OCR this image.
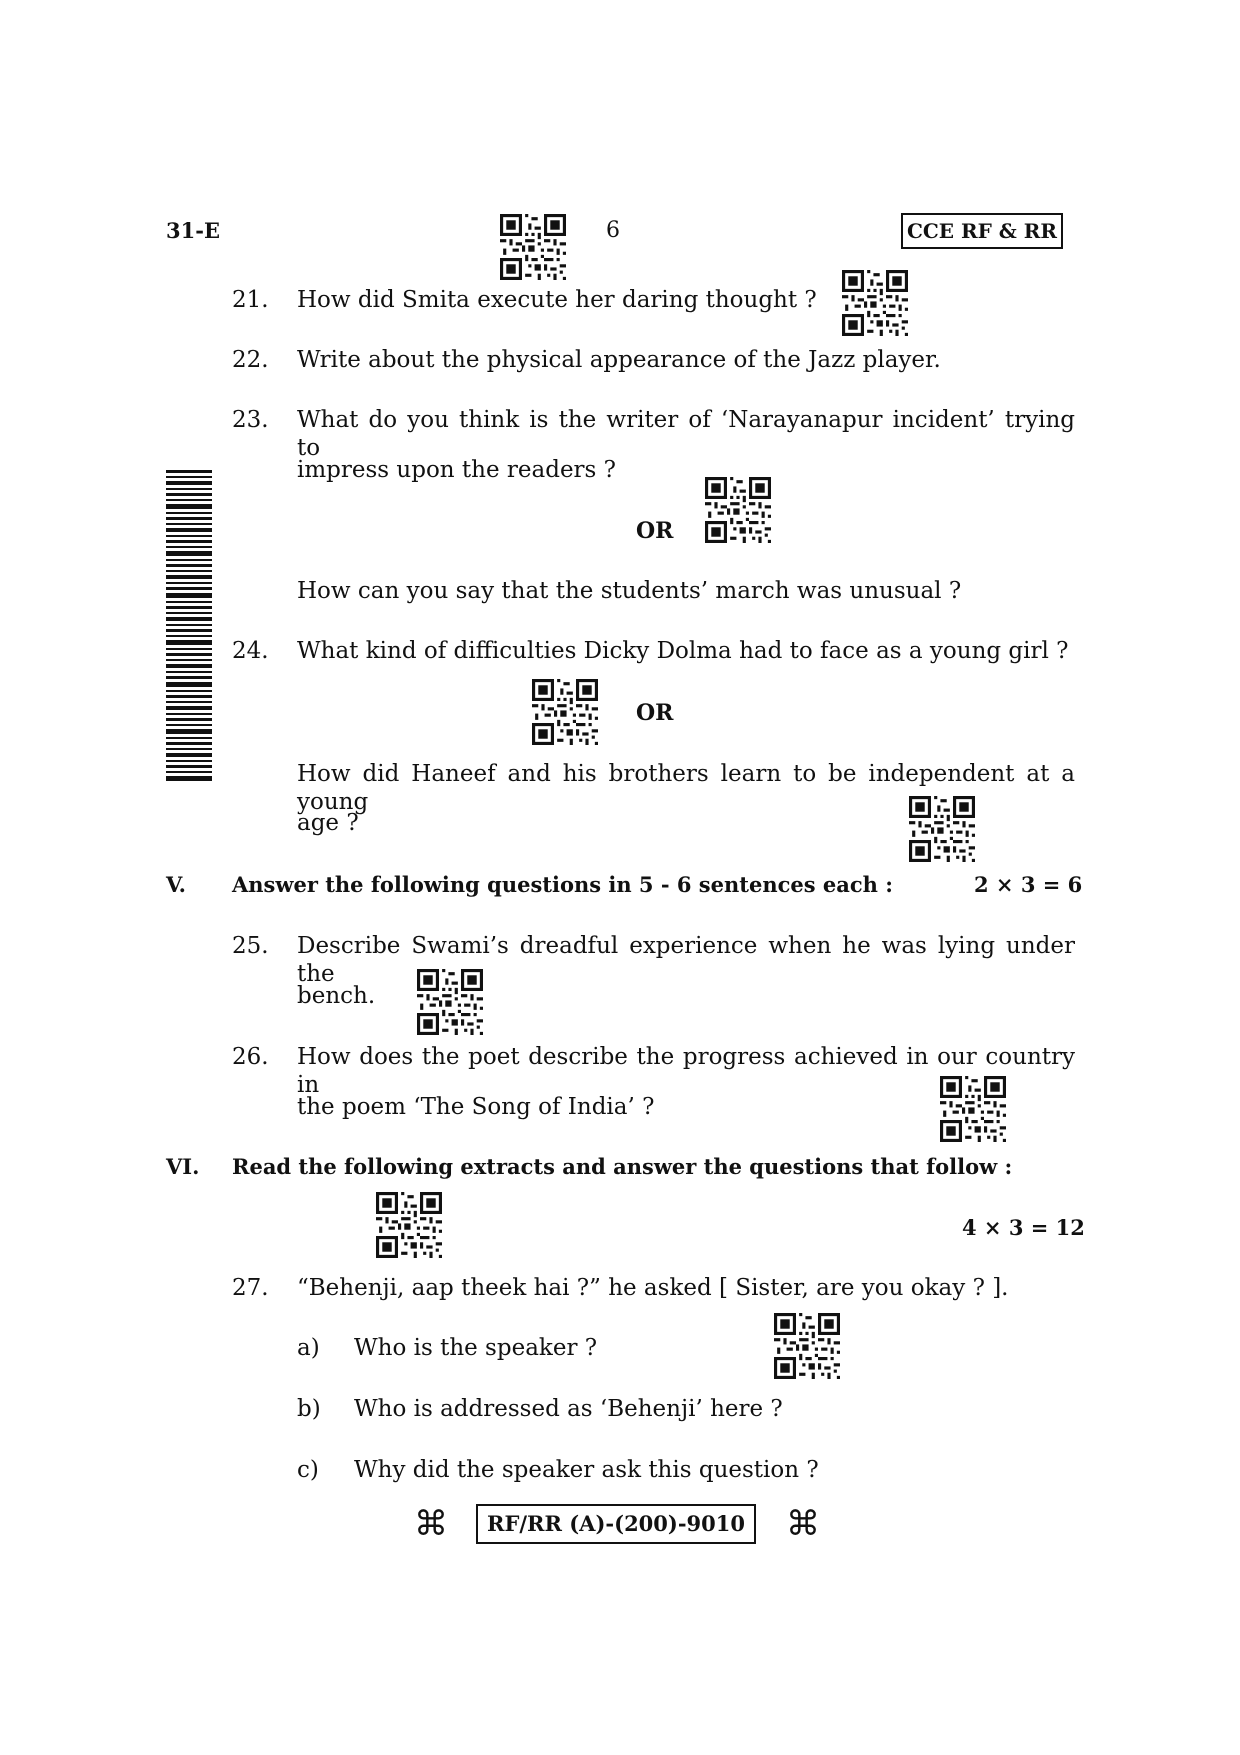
31-E	6	CCE RF & RR
21. How did Smita execute her daring thought ?
22. Write about the physical appearance of the Jazz player.
23. What do you think is the writer of ‘Narayanapur incident’ trying to
impress upon the readers ?
OR
How can you say that the students’ march was unusual ?
24. What kind of difficulties Dicky Dolma had to face as a young girl ?
OR
How did Haneef and his brothers learn to be independent at a young
age ?
V. Answer the following questions in 5 - 6 sentences each :	2 × 3 = 6
25. Describe Swami’s dreadful experience when he was lying under the
bench.
26. How does the poet describe the progress achieved in our country in
the poem ‘The Song of India’ ?
VI. Read the following extracts and answer the questions that follow :
4 × 3 = 12
27. “Behenji, aap theek hai ?” he asked [ Sister, are you okay ? ].
a) Who is the speaker ?
b) Who is addressed as ‘Behenji’ here ?
c) Why did the speaker ask this question ?
⌘	RF/RR (A)-(200)-9010	⌘
